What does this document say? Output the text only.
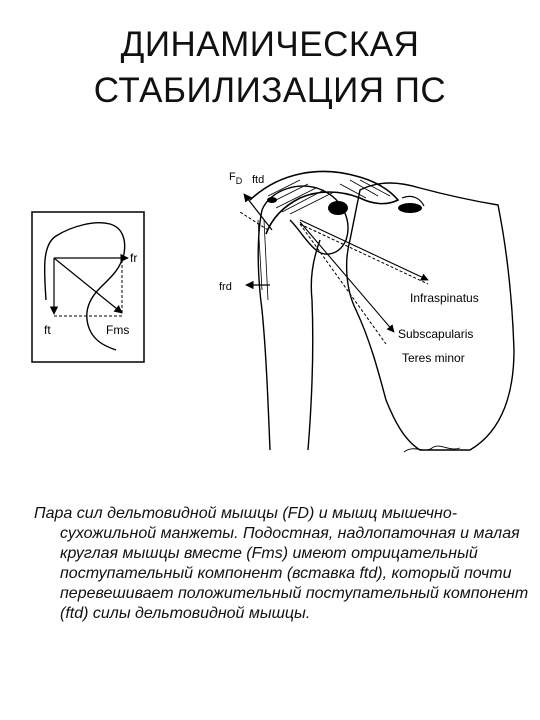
ДИНАМИЧЕСКАЯ
СТАБИЛИЗАЦИЯ ПС
fr
ft	Fms
$F_D$ ftd
frd
Infraspinatus
Subscapularis
Teres minor

Пара сил дельтовидной мышцы (FD) и мышц мышечно-сухожильной манжеты. Подостная, надлопаточная и малая круглая мышцы вместе (Fms) имеют отрицательный поступательный компонент (вставка ftd), который почти перевешивает положительный поступательный компонент (ftd) силы дельтовидной мышцы.
